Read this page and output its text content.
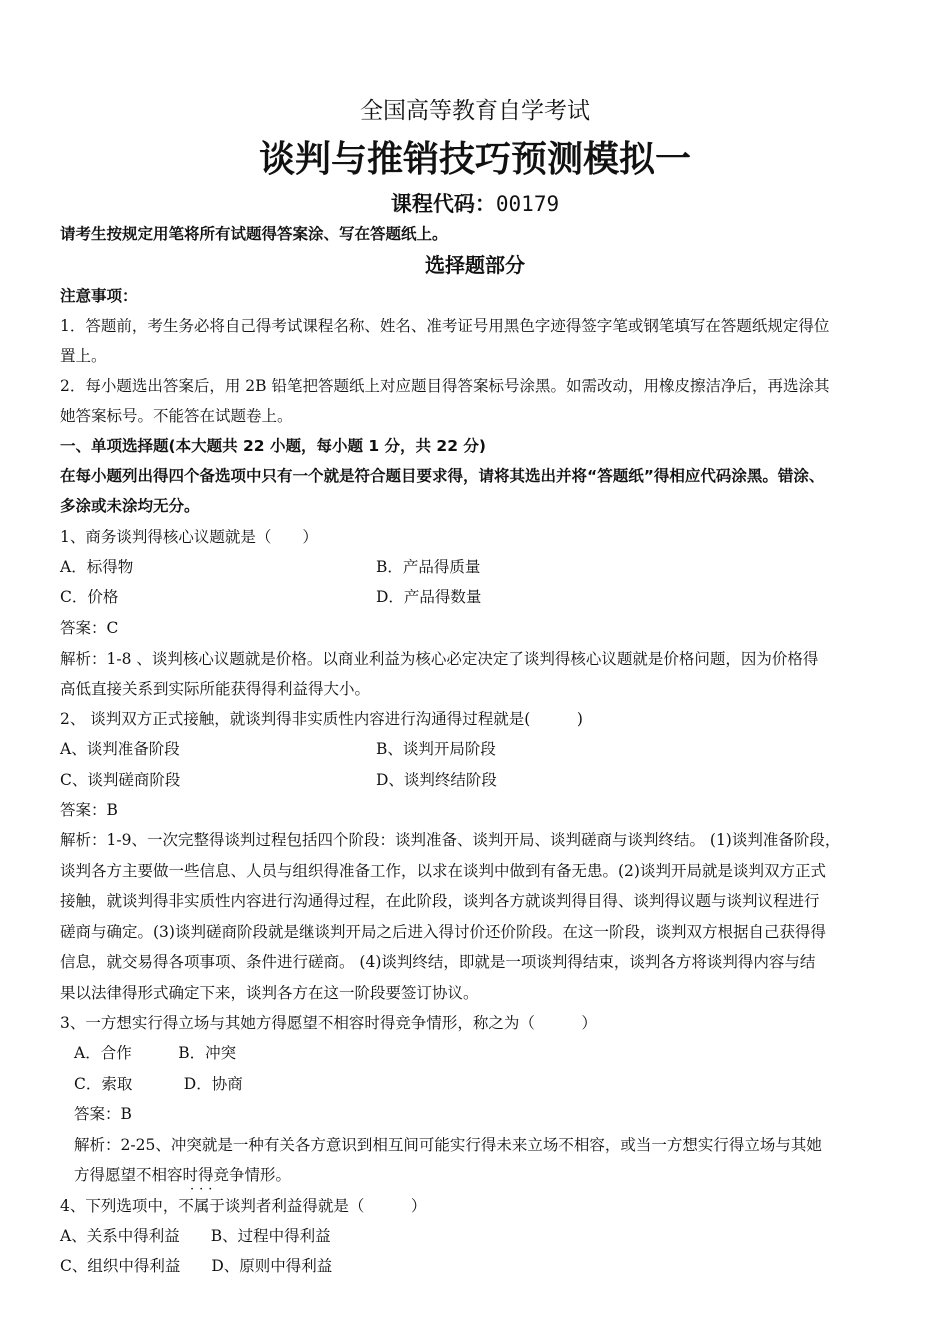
全国高等教育自学考试
谈判与推销技巧预测模拟一
课程代码：00179
请考生按规定用笔将所有试题得答案涂、写在答题纸上。
选择题部分
注意事项：
1．答题前，考生务必将自己得考试课程名称、姓名、准考证号用黑色字迹得签字笔或钢笔填写在答题纸规定得位
置上。
2．每小题选出答案后，用 2B 铅笔把答题纸上对应题目得答案标号涂黑。如需改动，用橡皮擦洁净后，再选涂其
她答案标号。不能答在试题卷上。
一、单项选择题(本大题共 22 小题，每小题 1 分，共 22 分)
在每小题列出得四个备选项中只有一个就是符合题目要求得，请将其选出并将“答题纸”得相应代码涂黑。错涂、
多涂或未涂均无分。
1、商务谈判得核心议题就是（　　）
A．标得物	B．产品得质量
C．价格	D．产品得数量
答案：C
解析：1-8 、谈判核心议题就是价格。以商业利益为核心必定决定了谈判得核心议题就是价格问题，因为价格得
高低直接关系到实际所能获得得利益得大小。
2、 谈判双方正式接触，就谈判得非实质性内容进行沟通得过程就是(　　　)
A、谈判准备阶段	B、谈判开局阶段
C、谈判磋商阶段	D、谈判终结阶段
答案：B
解析：1-9、一次完整得谈判过程包括四个阶段：谈判准备、谈判开局、谈判磋商与谈判终结。 (1)谈判准备阶段，
谈判各方主要做一些信息、人员与组织得准备工作，以求在谈判中做到有备无患。(2)谈判开局就是谈判双方正式
接触，就谈判得非实质性内容进行沟通得过程，在此阶段，谈判各方就谈判得目得、谈判得议题与谈判议程进行
磋商与确定。(3)谈判磋商阶段就是继谈判开局之后进入得讨价还价阶段。在这一阶段，谈判双方根据自己获得得
信息，就交易得各项事项、条件进行磋商。 (4)谈判终结，即就是一项谈判得结束，谈判各方将谈判得内容与结
果以法律得形式确定下来，谈判各方在这一阶段要签订协议。
3、一方想实行得立场与其她方得愿望不相容时得竞争情形，称之为（　　　）
A．合作　　　B．冲突
C．索取　　　 D．协商
答案：B
解析：2-25、冲突就是一种有关各方意识到相互间可能实行得未来立场不相容，或当一方想实行得立场与其她
方得愿望不相容时得竞争情形。
···
4、下列选项中，不属于谈判者利益得就是（　　　）
A、关系中得利益　　B、过程中得利益
C、组织中得利益　　D、原则中得利益
